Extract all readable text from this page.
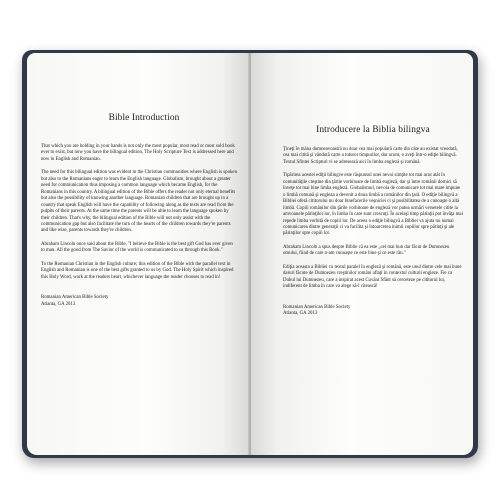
Bible Introduction

That which you are holding in your hands is not only the most popular, most read or most sold book ever to exist, but now you have the bilingual edition, The Holy Scripture Text is addressed here and now in English and Romanian.

The need for this bilingual edition was evident in the Christian communities where English is spoken but also to the Romanians eager to learn the English language. Globalism, brought about a greater need for communication thus imposing a common language which became English, for the Romanians in this country. A bilingual edition of the Bible offers the reader not only eternal benefits but also the possibility of knowing another language. Romanian children that are brought up in a country that speak English will have the capability of following along as the texts are read from the pulpits of their parents. At the same time the parents will be able to learn the language spoken by their children. That's why, the bilingual edition of the Bible will not only assist with the communication gap but also facilitate the turn of the hearts of the children towards they're parents and like wise, parents towards they're children.

Abraham Lincoln once said about the Bible, "I believe the Bible is the best gift God has ever given to man. All the good from The Savior of the world is communicated to us through this Book."

To the Romanian Christian in the English culture; this edition of the Bible with the parallel text in English and Romanian is one of the best gifts granted to us by God. The Holy Spirit which inspired this Holy Word, work at the readers heart, whichever language the reader chooses to read in!

Romanian American Bible Society
Atlanta, GA 2013
Introducere la Biblia bilingva

Ţineţi în mâna dumneavoastră nu doar cea mai populară carte din câte au existat vreodată, cea mai citită şi vândută carte a tuturor timpurilor, dar acum, o aveţi într-o ediţie bilingvă. Textul Sfintei Scripturi vi se adresează aici în limba engleză şi română.

Tipărirea acestei ediţii bilingve este răspunsul unei nevoi simţite tot mai acut atât în comunităţile creştine din ţările vorbitoare de limbă engleză, dar şi între românii dornici să înveţe tot mai bine limba engleză. Globalismul, nevoia de comunicare tot mai mare impune o limbă comună şi engleza a devenit a doua limbă a românilor din ţară. O ediţie bilingvă a Bibliei oferă cititorului nu doar binefacerile veşniciei ci şi posibilitatea de a cunoaşte o altă limbă. Copiii românilor din ţările vorbitoare de engleză vor putea urmări versetele citite la amvoanele părinţilor lor, în limba în care sunt crescuţi. În acelaşi timp părinţii pot învăţa mai repede limba vorbită de copiii lor. De aceea o ediţie bilingvă a Bibliei va ajuta nu numai comunicarea dintre generaţii ci va facilita şi întoarcerea inimii copiilor spre părinţi şi ale părinţilor spre copiii lor.

Abraham Lincoln a spus despre Biblie că ea este „cel mai bun dar făcut de Dumnezeu omului, fiind de care n-am cunoaşte ce este bine şi ce este rău."

Ediţia aceasta a Bibliei cu textul paralel în engleză şi română, este unul dintre cele mai bune daruri făcute de Dumnezeu creştinilor români aflaţi în contextul culturii engleze. Fie ca Duhul lui Dumnezeu, care a inspirat acest Cuvânt Sfânt să cerceteze pe cititorul lui, indiferent de limba în care va alege să-l citească!

Romanian American Bible Society
Atlanta, GA 2013
